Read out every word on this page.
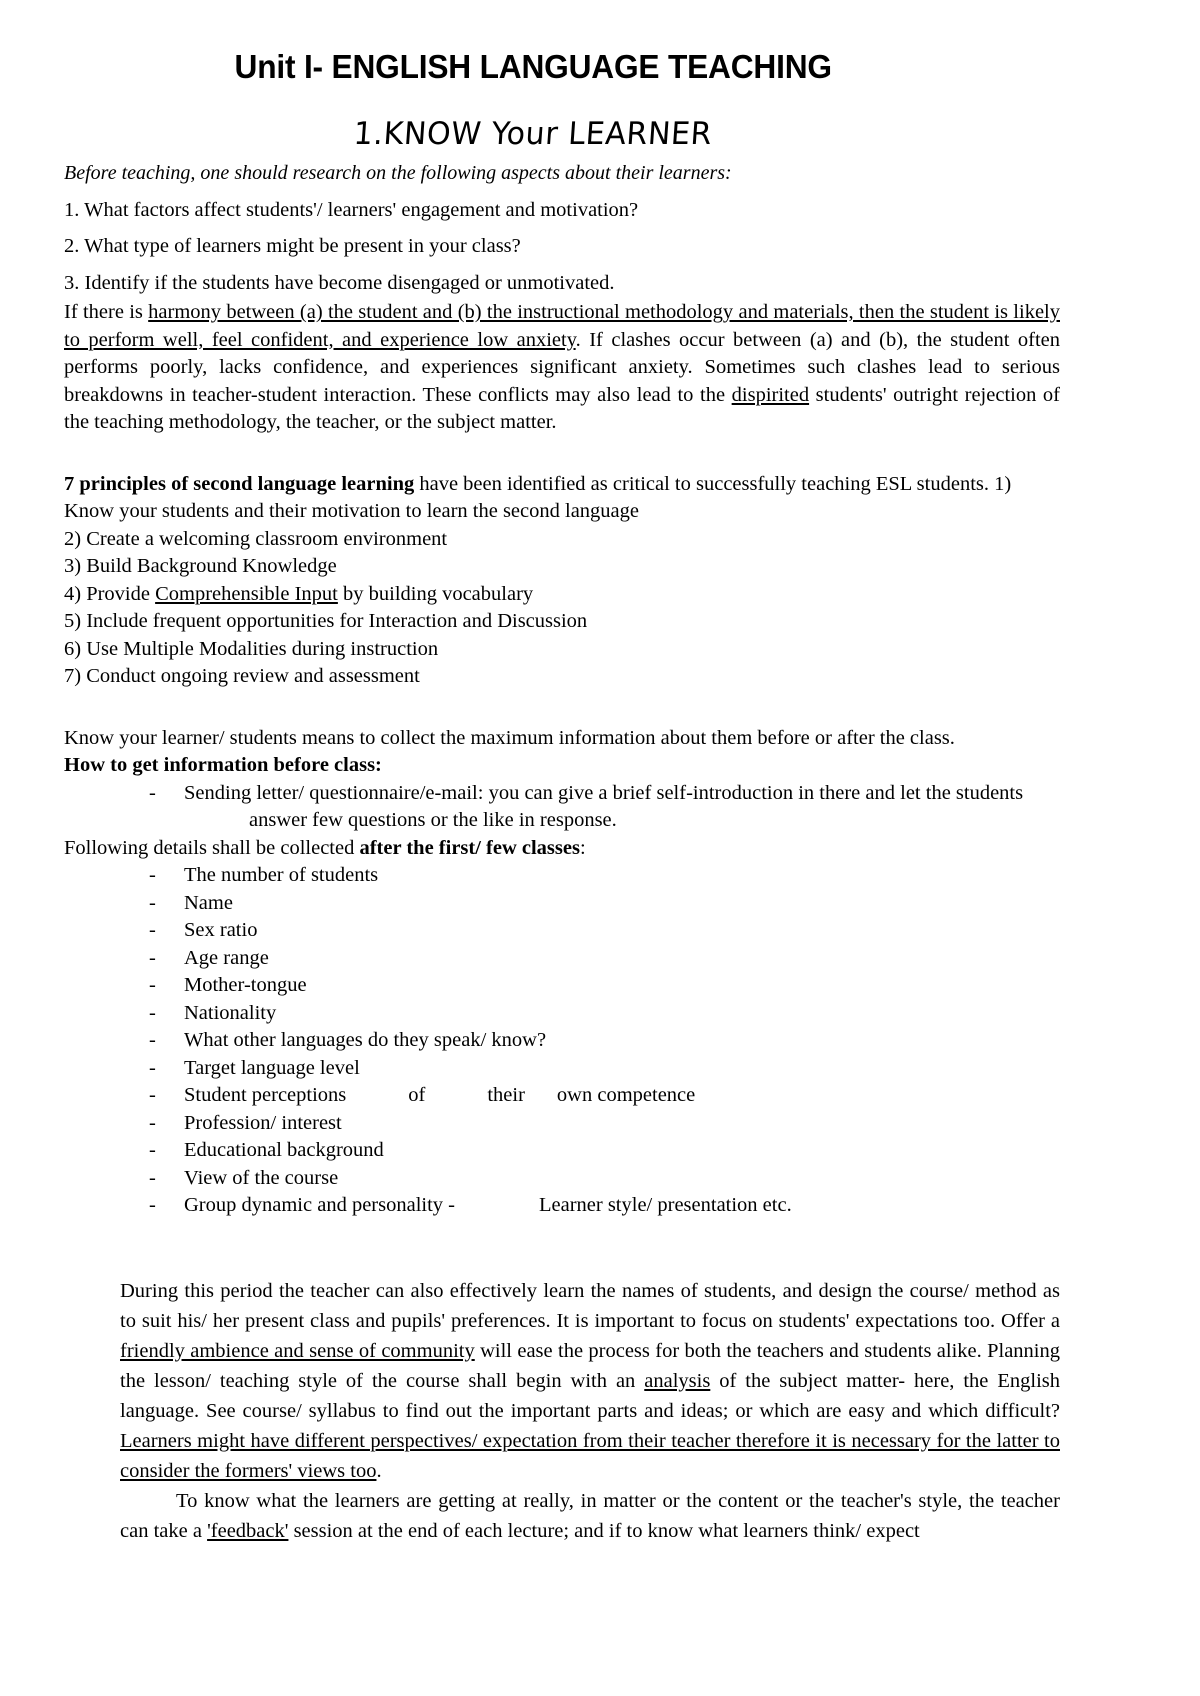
Unit I- ENGLISH LANGUAGE TEACHING
1.KNOW Your LEARNER

Before teaching, one should research on the following aspects about their learners:

1. What factors affect students'/ learners' engagement and motivation?

2. What type of learners might be present in your class?

3. Identify if the students have become disengaged or unmotivated.

If there is harmony between (a) the student and (b) the instructional methodology and materials, then the student is likely to perform well, feel confident, and experience low anxiety. If clashes occur between (a) and (b), the student often performs poorly, lacks confidence, and experiences significant anxiety. Sometimes such clashes lead to serious breakdowns in teacher-student interaction. These conflicts may also lead to the dispirited students' outright rejection of the teaching methodology, the teacher, or the subject matter.

7 principles of second language learning have been identified as critical to successfully teaching ESL students. 1)

Know your students and their motivation to learn the second language

2) Create a welcoming classroom environment

3) Build Background Knowledge

4) Provide Comprehensible Input by building vocabulary

5) Include frequent opportunities for Interaction and Discussion

6) Use Multiple Modalities during instruction

7) Conduct ongoing review and assessment

Know your learner/ students means to collect the maximum information about them before or after the class.

How to get information before class:

-	Sending letter/ questionnaire/e-mail: you can give a brief self-introduction in there and let the students
answer few questions or the like in response.

Following details shall be collected after the first/ few classes:

-	The number of students
-	Name
-	Sex ratio
-	Age range
-	Mother-tongue
-	Nationality
-	What other languages do they speak/ know?
-	Target language level
-	Student perceptions	of	their own competence
-	Profession/ interest
-	Educational background
-	View of the course
-	Group dynamic and personality -	Learner style/ presentation etc.

During this period the teacher can also effectively learn the names of students, and design the course/ method as to suit his/ her present class and pupils' preferences. It is important to focus on students' expectations too. Offer a friendly ambience and sense of community will ease the process for both the teachers and students alike. Planning the lesson/ teaching style of the course shall begin with an analysis of the subject matter- here, the English language. See course/ syllabus to find out the important parts and ideas; or which are easy and which difficult? Learners might have different perspectives/ expectation from their teacher therefore it is necessary for the latter to consider the formers' views too.

To know what the learners are getting at really, in matter or the content or the teacher's style, the teacher can take a 'feedback' session at the end of each lecture; and if to know what learners think/ expect
